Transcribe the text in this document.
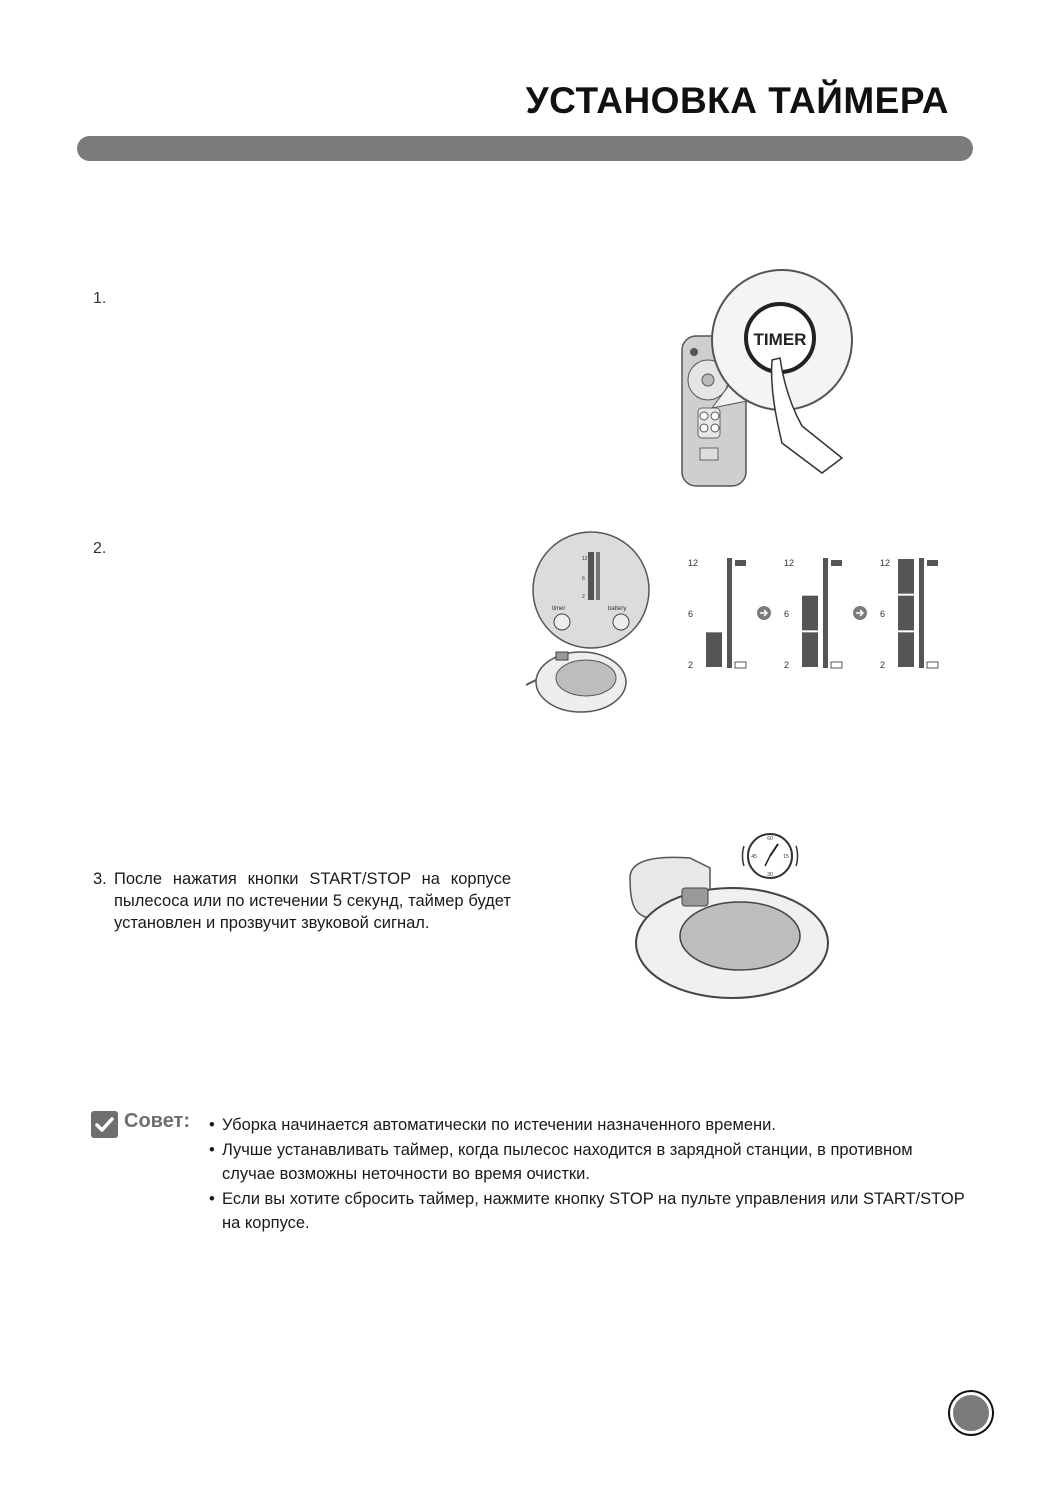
УСТАНОВКА ТАЙМЕРА
1.
TIMER
2.
12
6
2
timer	battery
12
6
2
12
6
2
12
6
2
3. После нажатия кнопки START/STOP на корпусе пылесоса или по истечении 5 секунд, таймер будет установлен и прозвучит звуковой сигнал.

60
15
30
45
Совет:	• Уборка начинается автоматически по истечении назначенного времени.
• Лучше устанавливать таймер, когда пылесос находится в зарядной станции, в противном случае возможны неточности во время очистки.
• Если вы хотите сбросить таймер, нажмите кнопку STOP на пульте управления или START/STOP на корпусе.
